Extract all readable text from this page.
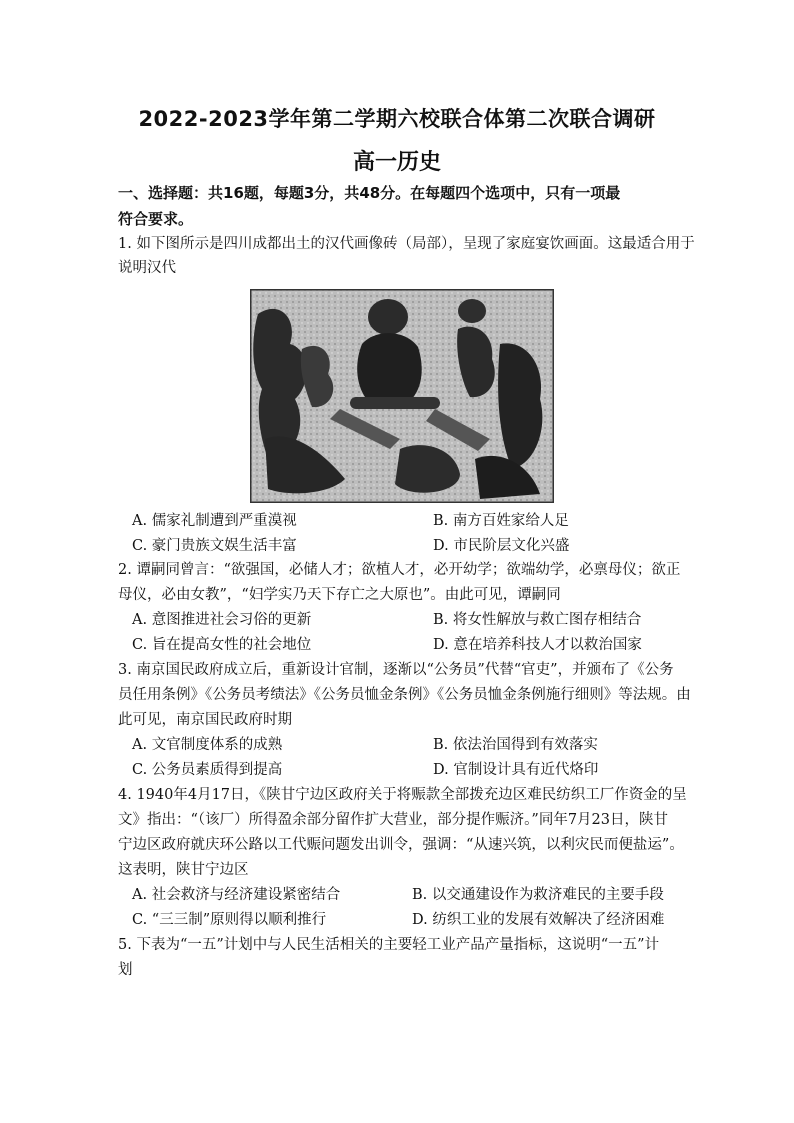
2022-2023学年第二学期六校联合体第二次联合调研
高一历史
一、选择题：共16题，每题3分，共48分。在每题四个选项中，只有一项最
符合要求。
1. 如下图所示是四川成都出土的汉代画像砖（局部），呈现了家庭宴饮画面。这最适合用于
说明汉代
A. 儒家礼制遭到严重漠视	B. 南方百姓家给人足
C. 豪门贵族文娱生活丰富	D. 市民阶层文化兴盛
2. 谭嗣同曾言：“欲强国，必储人才；欲植人才，必开幼学；欲端幼学，必禀母仪；欲正
母仪，必由女教”，“妇学实乃天下存亡之大原也”。由此可见，谭嗣同
A. 意图推进社会习俗的更新	B. 将女性解放与救亡图存相结合
C. 旨在提高女性的社会地位	D. 意在培养科技人才以救治国家
3. 南京国民政府成立后，重新设计官制，逐渐以“公务员”代替“官吏”，并颁布了《公务
员任用条例》《公务员考绩法》《公务员恤金条例》《公务员恤金条例施行细则》等法规。由
此可见，南京国民政府时期
A. 文官制度体系的成熟	B. 依法治国得到有效落实
C. 公务员素质得到提高	D. 官制设计具有近代烙印
4. 1940年4月17日，《陕甘宁边区政府关于将赈款全部拨充边区难民纺织工厂作资金的呈
文》指出：“（该厂）所得盈余部分留作扩大营业，部分提作赈济。”同年7月23日，陕甘
宁边区政府就庆环公路以工代赈问题发出训令，强调：“从速兴筑，以利灾民而便盐运”。
这表明，陕甘宁边区
A. 社会救济与经济建设紧密结合	B. 以交通建设作为救济难民的主要手段
C. “三三制”原则得以顺利推行	D. 纺织工业的发展有效解决了经济困难
5. 下表为“一五”计划中与人民生活相关的主要轻工业产品产量指标，这说明“一五”计
划
